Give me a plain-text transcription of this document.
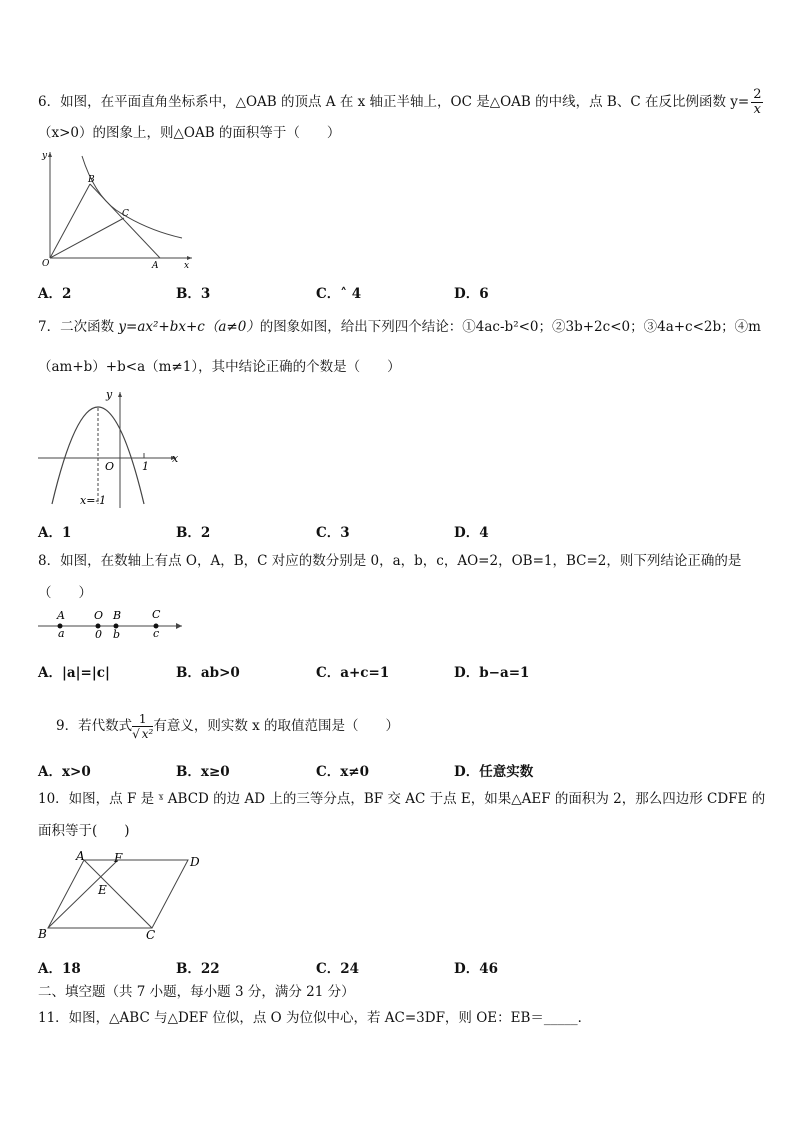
6．如图，在平面直角坐标系中，△OAB 的顶点 A 在 x 轴正半轴上，OC 是△OAB 的中线，点 B、C 在反比例函数 $y= \frac{2}{x}$
（x>0）的图象上，则△OAB 的面积等于（　　）
y
x
O	A
B
C
A．2	B．3	C．˄ 4	D．6
7．二次函数 y=ax²+bx+c（a≠0）的图象如图，给出下列四个结论：①4ac-b²<0；②3b+2c<0；③4a+c<2b；④m
（am+b）+b<a（m≠1），其中结论正确的个数是（　　）
y
x
O	1
x=-1
A．1	B．2	C．3	D．4
8．如图，在数轴上有点 O，A，B，C 对应的数分别是 0，a，b，c，AO=2，OB=1，BC=2，则下列结论正确的是
（　　）
A	O B	C
a	0 b	c
A．|a|=|c|	B．ab>0	C．a+c=1	D．b−a=1
9．若代数式 $\frac{1}{\text{√ x²}}$ 有意义，则实数 x 的取值范围是（　　）
A．x>0	B．x≥0	C．x≠0	D．任意实数
10．如图，点 F 是 ˠ ABCD 的边 AD 上的三等分点，BF 交 AC 于点 E，如果△AEF 的面积为 2，那么四边形 CDFE 的
面积等于(　　)
A F	D
E
B	C
A．18	B．22	C．24	D．46
二、填空题（共 7 小题，每小题 3 分，满分 21 分）
11．如图，△ABC 与△DEF 位似，点 O 为位似中心，若 AC=3DF，则 OE：EB＝_____．
